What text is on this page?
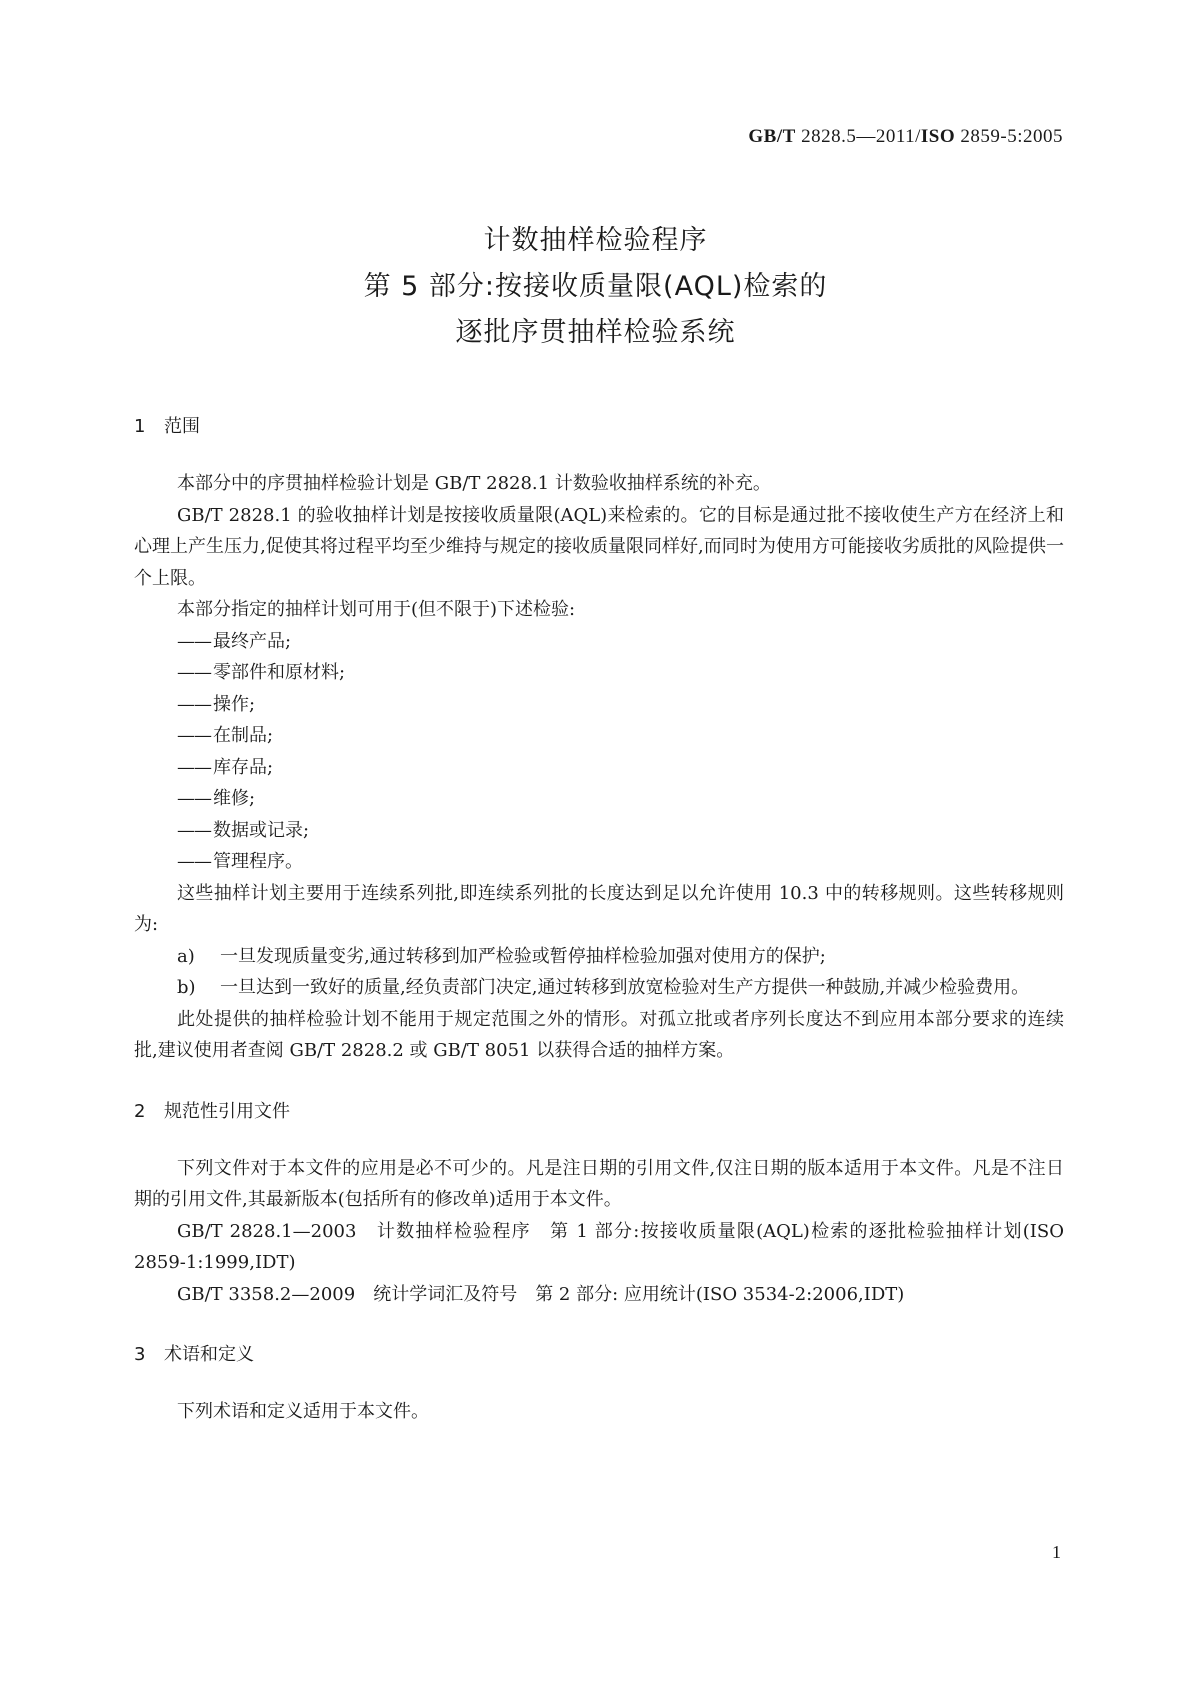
GB/T 2828.5—2011/ISO 2859-5:2005
计数抽样检验程序
第 5 部分:按接收质量限(AQL)检索的
逐批序贯抽样检验系统
1 范围

本部分中的序贯抽样检验计划是 GB/T 2828.1 计数验收抽样系统的补充。

GB/T 2828.1 的验收抽样计划是按接收质量限(AQL)来检索的。它的目标是通过批不接收使生产方在经济上和心理上产生压力,促使其将过程平均至少维持与规定的接收质量限同样好,而同时为使用方可能接收劣质批的风险提供一个上限。

本部分指定的抽样计划可用于(但不限于)下述检验:

—— 最终产品;
—— 零部件和原材料;
—— 操作;
—— 在制品;
—— 库存品;
—— 维修;
—— 数据或记录;
—— 管理程序。

这些抽样计划主要用于连续系列批,即连续系列批的长度达到足以允许使用 10.3 中的转移规则。这些转移规则为:

a) 一旦发现质量变劣,通过转移到加严检验或暂停抽样检验加强对使用方的保护;
b) 一旦达到一致好的质量,经负责部门决定,通过转移到放宽检验对生产方提供一种鼓励,并减少检验费用。

此处提供的抽样检验计划不能用于规定范围之外的情形。对孤立批或者序列长度达不到应用本部分要求的连续批,建议使用者查阅 GB/T 2828.2 或 GB/T 8051 以获得合适的抽样方案。

2 规范性引用文件

下列文件对于本文件的应用是必不可少的。凡是注日期的引用文件,仅注日期的版本适用于本文件。凡是不注日期的引用文件,其最新版本(包括所有的修改单)适用于本文件。

GB/T 2828.1—2003　计数抽样检验程序　第 1 部分:按接收质量限(AQL)检索的逐批检验抽样计划(ISO 2859-1:1999,IDT)

GB/T 3358.2—2009　统计学词汇及符号　第 2 部分: 应用统计(ISO 3534-2:2006,IDT)

3 术语和定义

下列术语和定义适用于本文件。

1
